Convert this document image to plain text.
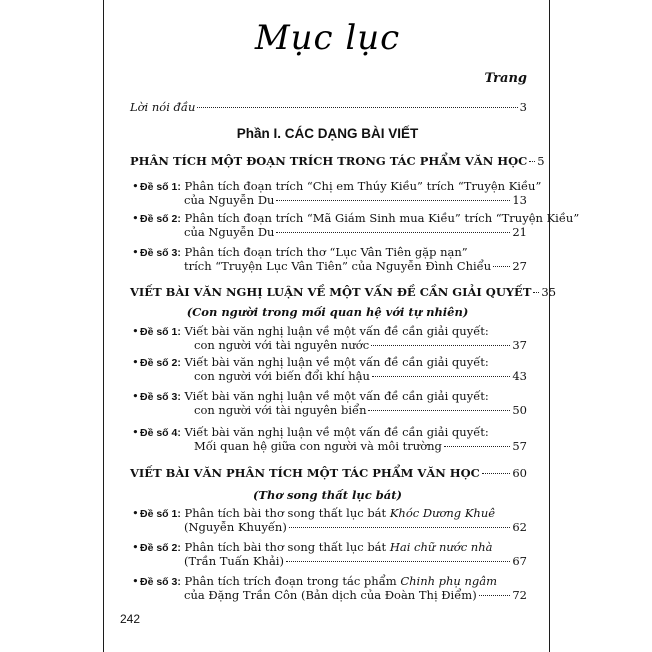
Mục lục
Trang
Lời nói đầu	3
Phần I. CÁC DẠNG BÀI VIẾT
PHÂN TÍCH MỘT ĐOẠN TRÍCH TRONG TÁC PHẨM VĂN HỌC 5
• Đề số 1: Phân tích đoạn trích “Chị em Thúy Kiều” trích “Truyện Kiều”
của Nguyễn Du	13
• Đề số 2: Phân tích đoạn trích “Mã Giám Sinh mua Kiều” trích “Truyện Kiều”
của Nguyễn Du	21
• Đề số 3: Phân tích đoạn trích thơ “Lục Vân Tiên gặp nạn”
trích “Truyện Lục Vân Tiên” của Nguyễn Đình Chiểu 27
VIẾT BÀI VĂN NGHỊ LUẬN VỀ MỘT VẤN ĐỀ CẦN GIẢI QUYẾT 35
(Con người trong mối quan hệ với tự nhiên)
• Đề số 1: Viết bài văn nghị luận về một vấn đề cần giải quyết:
con người với tài nguyên nước	37
• Đề số 2: Viết bài văn nghị luận về một vấn đề cần giải quyết:
con người với biến đổi khí hậu	43
• Đề số 3: Viết bài văn nghị luận về một vấn đề cần giải quyết:
con người với tài nguyên biển	50
• Đề số 4: Viết bài văn nghị luận về một vấn đề cần giải quyết:
Mối quan hệ giữa con người và môi trường	57
VIẾT BÀI VĂN PHÂN TÍCH MỘT TÁC PHẨM VĂN HỌC	60
(Thơ song thất lục bát)
• Đề số 1: Phân tích bài thơ song thất lục bát Khóc Dương Khuê
(Nguyễn Khuyến)	62
• Đề số 2: Phân tích bài thơ song thất lục bát Hai chữ nước nhà
(Trần Tuấn Khải)	67
• Đề số 3: Phân tích trích đoạn trong tác phẩm Chinh phụ ngâm
của Đặng Trần Côn (Bản dịch của Đoàn Thị Điểm)	72
242
